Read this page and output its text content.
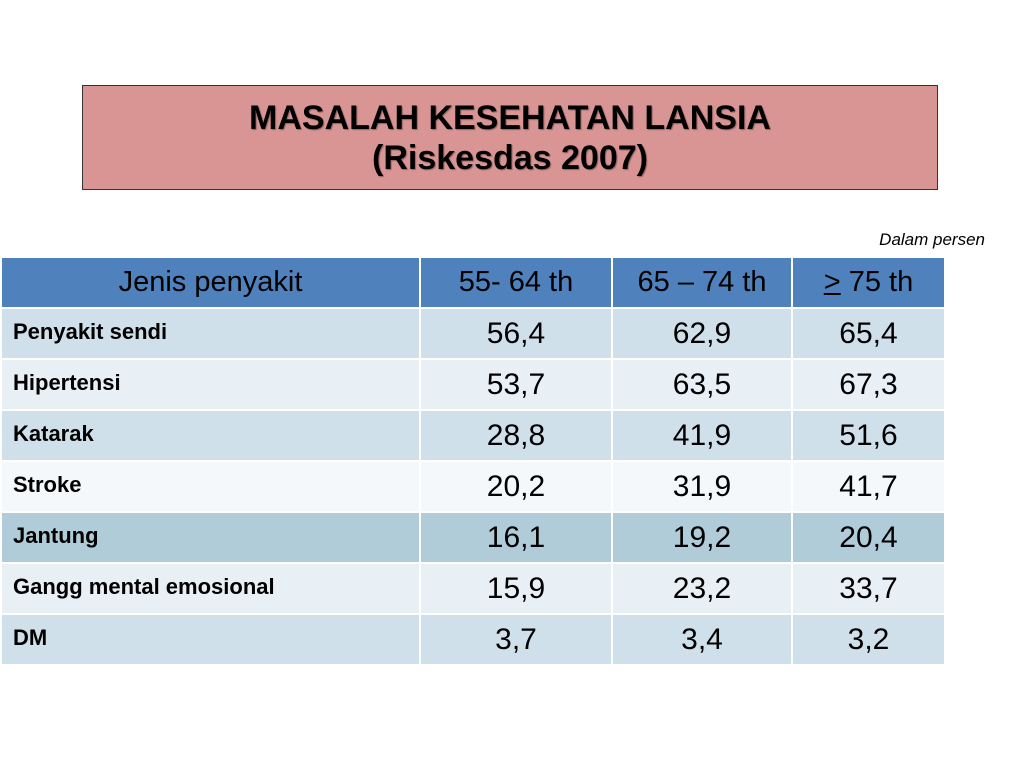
MASALAH KESEHATAN LANSIA
(Riskesdas 2007)
Dalam persen
Jenis penyakit	55- 64 th	65 – 74 th	> 75 th
Penyakit sendi	56,4	62,9	65,4
Hipertensi	53,7	63,5	67,3
Katarak	28,8	41,9	51,6
Stroke	20,2	31,9	41,7
Jantung	16,1	19,2	20,4
Gangg mental emosional	15,9	23,2	33,7
DM	3,7	3,4	3,2
